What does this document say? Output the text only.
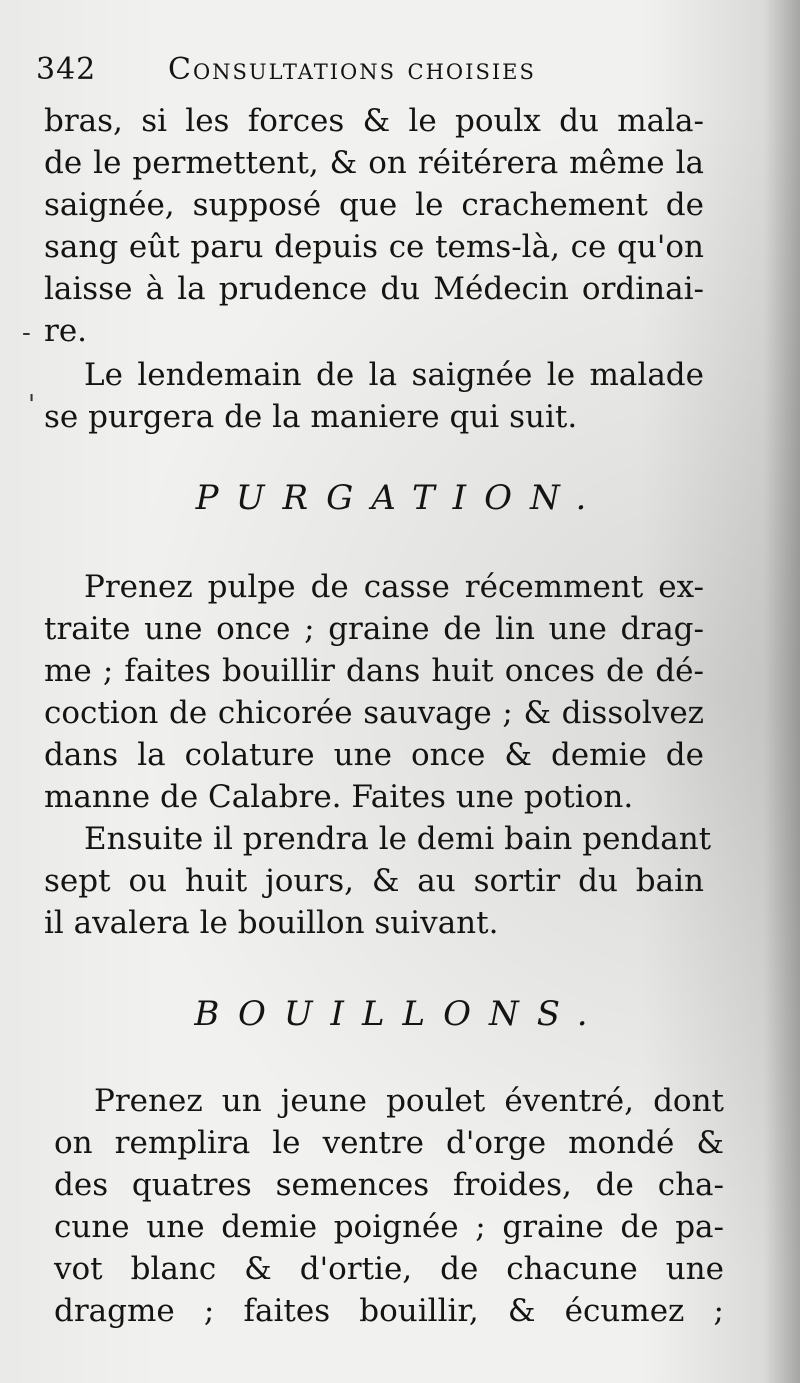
342 Consultations choisies
bras, si les forces & le poulx du mala-
de le permettent, & on réitérera même la
saignée, supposé que le crachement de
sang eût paru depuis ce tems-là, ce qu'on
laisse à la prudence du Médecin ordinai-
re.
Le lendemain de la saignée le malade
se purgera de la maniere qui suit.
PURGATION.
Prenez pulpe de casse récemment ex-
traite une once ; graine de lin une drag-
me ; faites bouillir dans huit onces de dé-
coction de chicorée sauvage ; & dissolvez
dans la colature une once & demie de
manne de Calabre. Faites une potion.
Ensuite il prendra le demi bain pendant
sept ou huit jours, & au sortir du bain
il avalera le bouillon suivant.
BOUILLONS.
Prenez un jeune poulet éventré, dont
on remplira le ventre d'orge mondé &
des quatres semences froides, de cha-
cune une demie poignée ; graine de pa-
vot blanc & d'ortie, de chacune une
dragme ; faites bouillir, & écumez ;
-
'
